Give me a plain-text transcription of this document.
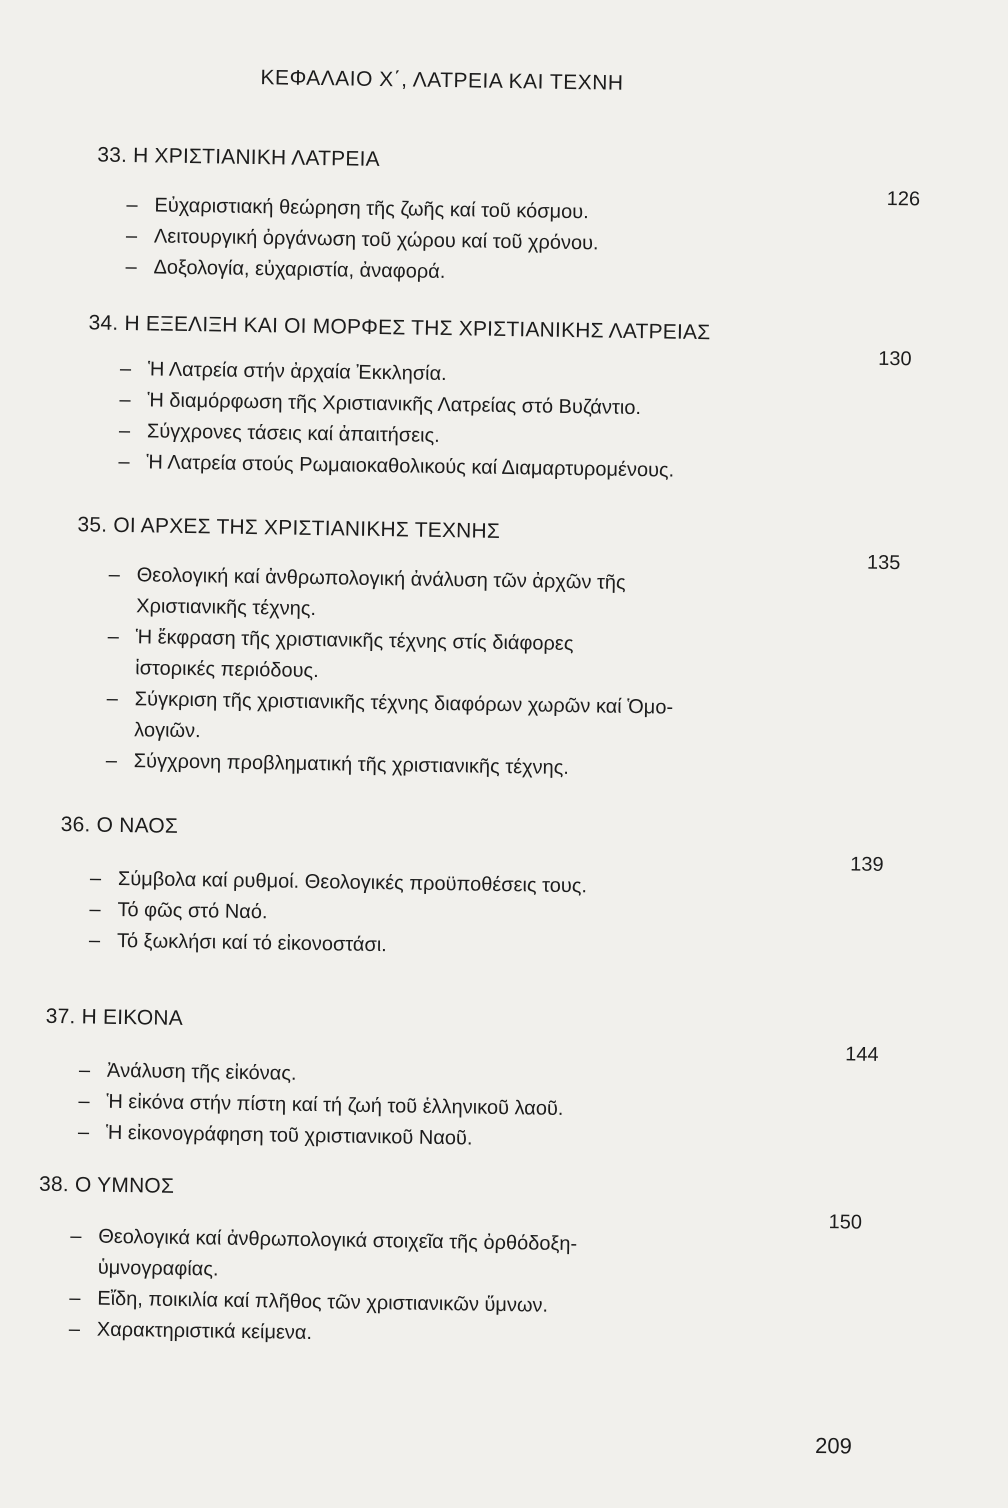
ΚΕΦΑΛΑΙΟ Χ΄, ΛΑΤΡΕΙΑ ΚΑΙ ΤΕΧΝΗ
33. Η ΧΡΙΣΤΙΑΝΙΚΗ ΛΑΤΡΕΙΑ
126
– Εὐχαριστιακή θεώρηση τῆς ζωῆς καί τοῦ κόσμου.
– Λειτουργική ὀργάνωση τοῦ χώρου καί τοῦ χρόνου.
– Δοξολογία, εὐχαριστία, ἀναφορά.
34. Η ΕΞΕΛΙΞΗ ΚΑΙ ΟΙ ΜΟΡΦΕΣ ΤΗΣ ΧΡΙΣΤΙΑΝΙΚΗΣ ΛΑΤΡΕΙΑΣ
130
– Ἡ Λατρεία στήν ἀρχαία Ἐκκλησία.
– Ἡ διαμόρφωση τῆς Χριστιανικῆς Λατρείας στό Βυζάντιο.
– Σύγχρονες τάσεις καί ἀπαιτήσεις.
– Ἡ Λατρεία στούς Ρωμαιοκαθολικούς καί Διαμαρτυρομένους.
35. ΟΙ ΑΡΧΕΣ ΤΗΣ ΧΡΙΣΤΙΑΝΙΚΗΣ ΤΕΧΝΗΣ
135
– Θεολογική καί ἀνθρωπολογική ἀνάλυση τῶν ἀρχῶν τῆς
Χριστιανικῆς τέχνης.
– Ἡ ἔκφραση τῆς χριστιανικῆς τέχνης στίς διάφορες
ἱστορικές περιόδους.
– Σύγκριση τῆς χριστιανικῆς τέχνης διαφόρων χωρῶν καί Ὁμο-
λογιῶν.
– Σύγχρονη προβληματική τῆς χριστιανικῆς τέχνης.
36. Ο ΝΑΟΣ
139
– Σύμβολα καί ρυθμοί. Θεολογικές προϋποθέσεις τους.
– Τό φῶς στό Ναό.
– Τό ξωκλήσι καί τό εἰκονοστάσι.
37. Η ΕΙΚΟΝΑ
144
– Ἀνάλυση τῆς εἰκόνας.
– Ἡ εἰκόνα στήν πίστη καί τή ζωή τοῦ ἑλληνικοῦ λαοῦ.
– Ἡ εἰκονογράφηση τοῦ χριστιανικοῦ Ναοῦ.
38. Ο ΥΜΝΟΣ
150
– Θεολογικά καί ἀνθρωπολογικά στοιχεῖα τῆς ὀρθόδοξη-
ὑμνογραφίας.
– Εἴδη, ποικιλία καί πλῆθος τῶν χριστιανικῶν ὕμνων.
– Χαρακτηριστικά κείμενα.
209
